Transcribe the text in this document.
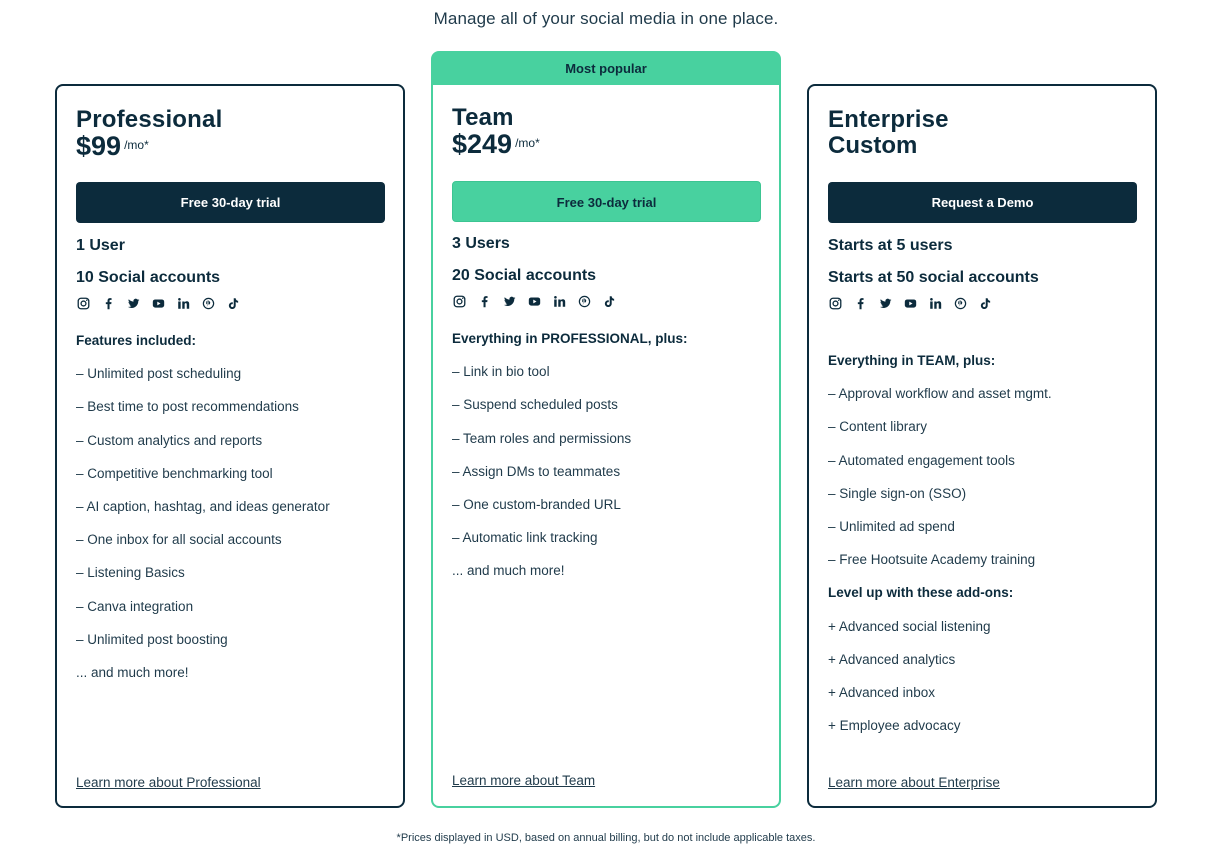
Manage all of your social media in one place.
Most popular
Professional
$99 $^{/mo*}$
Free 30-day trial
1 User
10 Social accounts
Features included:
– Unlimited post scheduling
– Best time to post recommendations
– Custom analytics and reports
– Competitive benchmarking tool
– AI caption, hashtag, and ideas generator
– One inbox for all social accounts
– Listening Basics
– Canva integration
– Unlimited post boosting
... and much more!
Learn more about Professional
Team
$249 $^{/mo*}$
Free 30-day trial
3 Users
20 Social accounts
Everything in PROFESSIONAL, plus:
– Link in bio tool
– Suspend scheduled posts
– Team roles and permissions
– Assign DMs to teammates
– One custom-branded URL
– Automatic link tracking
... and much more!
Learn more about Team
Enterprise
Custom
Request a Demo
Starts at 5 users
Starts at 50 social accounts
Everything in TEAM, plus:
– Approval workflow and asset mgmt.
– Content library
– Automated engagement tools
– Single sign-on (SSO)
– Unlimited ad spend
– Free Hootsuite Academy training
Level up with these add-ons:
+ Advanced social listening
+ Advanced analytics
+ Advanced inbox
+ Employee advocacy
Learn more about Enterprise
*Prices displayed in USD, based on annual billing, but do not include applicable taxes.
